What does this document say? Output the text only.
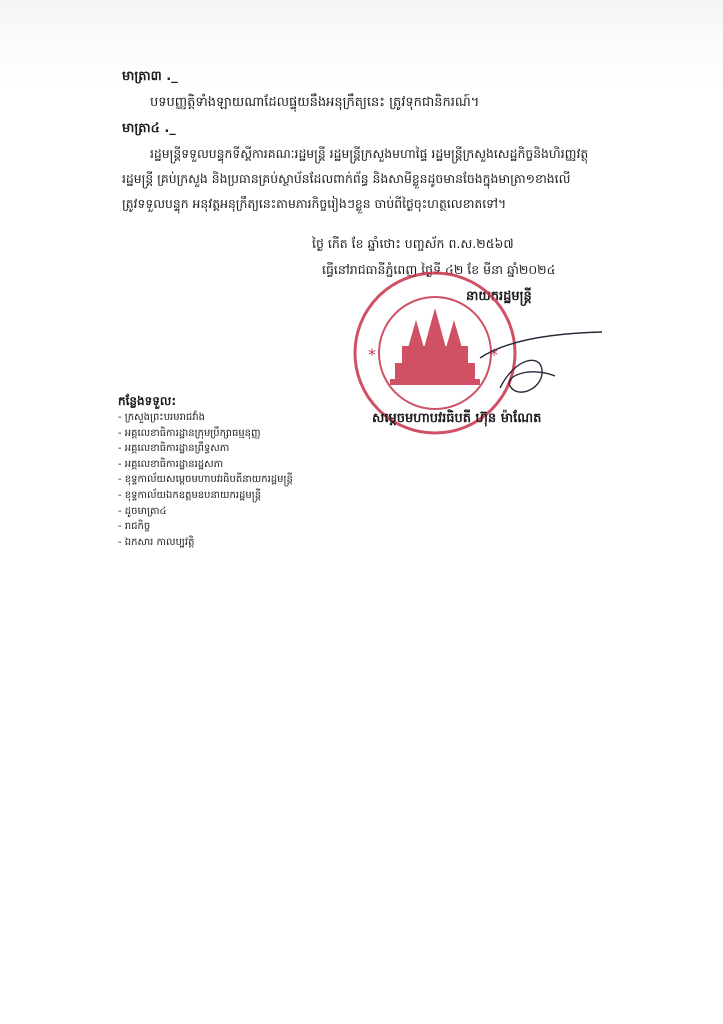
មាត្រា៣ ._
បទបញ្ញត្តិទាំងឡាយណាដែលផ្ទុយនឹងអនុក្រឹត្យនេះ ត្រូវទុកជានិករណ៍។
មាត្រា៤ ._
រដ្ឋមន្ត្រីទទួលបន្ទុកទីស្តីការគណៈរដ្ឋមន្ត្រី រដ្ឋមន្ត្រីក្រសួងមហាផ្ទៃ រដ្ឋមន្ត្រីក្រសួងសេដ្ឋកិច្ចនិងហិរញ្ញវត្ថុ
រដ្ឋមន្ត្រី គ្រប់ក្រសួង និងប្រធានគ្រប់ស្ថាប័នដែលពាក់ព័ន្ធ និងសាមីខ្លួនដូចមានចែងក្នុងមាត្រា១ខាងលើ
ត្រូវទទួលបន្ទុក អនុវត្តអនុក្រឹត្យនេះតាមភារកិច្ចរៀងៗខ្លួន ចាប់ពីថ្ងៃចុះហត្ថលេខាតទៅ។
ថ្ងៃ កើត ខែ ឆ្នាំថោះ បញ្ចស័ក ព.ស.២៥៦៧
ធ្វើនៅរាជធានីភ្នំពេញ ថ្ងៃទី ៤២ ខែ មីនា ឆ្នាំ២០២៤
នាយករដ្ឋមន្ត្រី
*	*
សម្តេចមហាបវរធិបតី ហ៊ុន ម៉ាណែត
កន្លែងទទួល:
- ក្រសួងព្រះបរមរាជវាំង
- អគ្គលេខាធិការដ្ឋានក្រុមប្រឹក្សាធម្មនុញ្ញ
- អគ្គលេខាធិការដ្ឋានព្រឹទ្ធសភា
- អគ្គលេខាធិការដ្ឋានរដ្ឋសភា
- ខុទ្ទកាល័យសម្តេចមហាបវរធិបតីនាយករដ្ឋមន្ត្រី
- ខុទ្ទកាល័យឯកឧត្តមឧបនាយករដ្ឋមន្ត្រី
- ដូចមាត្រា៤
- រាជកិច្ច
- ឯកសារ កាលប្បវត្តិ
